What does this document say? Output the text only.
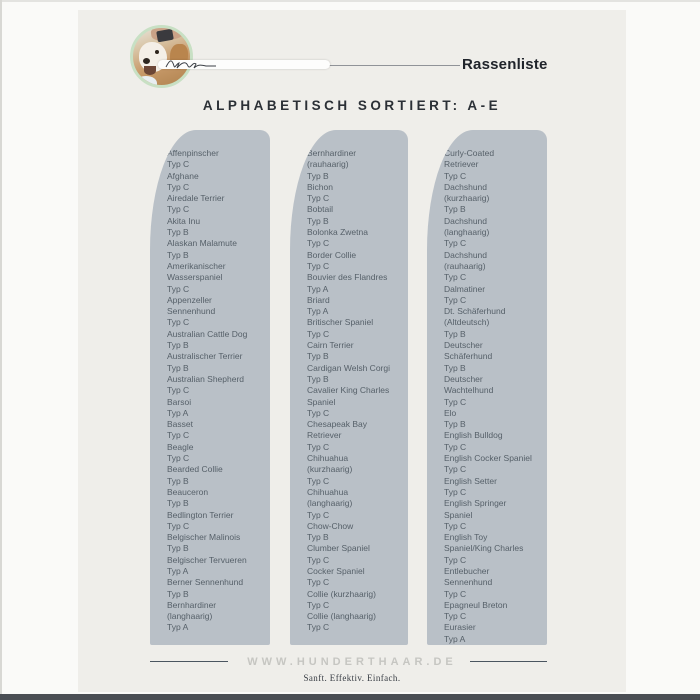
Rassenliste
ALPHABETISCH SORTIERT: A-E
Affenpinscher
Typ C
Afghane
Typ C
Airedale Terrier
Typ C
Akita Inu
Typ B
Alaskan Malamute
Typ B
Amerikanischer
Wasserspaniel
Typ C
Appenzeller
Sennenhund
Typ C
Australian Cattle Dog
Typ B
Australischer Terrier
Typ B
Australian Shepherd
Typ C
Barsoi
Typ A
Basset
Typ C
Beagle
Typ C
Bearded Collie
Typ B
Beauceron
Typ B
Bedlington Terrier
Typ C
Belgischer Malinois
Typ B
Belgischer Tervueren
Typ A
Berner Sennenhund
Typ B
Bernhardiner
(langhaarig)
Typ A
Bernhardiner
(rauhaarig)
Typ B
Bichon
Typ C
Bobtail
Typ B
Bolonka Zwetna
Typ C
Border Collie
Typ C
Bouvier des Flandres
Typ A
Briard
Typ A
Britischer Spaniel
Typ C
Cairn Terrier
Typ B
Cardigan Welsh Corgi
Typ B
Cavalier King Charles
Spaniel
Typ C
Chesapeak Bay
Retriever
Typ C
Chihuahua
(kurzhaarig)
Typ C
Chihuahua
(langhaarig)
Typ C
Chow-Chow
Typ B
Clumber Spaniel
Typ C
Cocker Spaniel
Typ C
Collie (kurzhaarig)
Typ C
Collie (langhaarig)
Typ C
Curly-Coated
Retriever
Typ C
Dachshund
(kurzhaarig)
Typ B
Dachshund
(langhaarig)
Typ C
Dachshund
(rauhaarig)
Typ C
Dalmatiner
Typ C
Dt. Schäferhund
(Altdeutsch)
Typ B
Deutscher
Schäferhund
Typ B
Deutscher
Wachtelhund
Typ C
Elo
Typ B
English Bulldog
Typ C
English Cocker Spaniel
Typ C
English Setter
Typ C
English Springer
Spaniel
Typ C
English Toy
Spaniel/King Charles
Typ C
Entlebucher
Sennenhund
Typ C
Epagneul Breton
Typ C
Eurasier
Typ A
WWW.HUNDERTHAAR.DE
Sanft. Effektiv. Einfach.
